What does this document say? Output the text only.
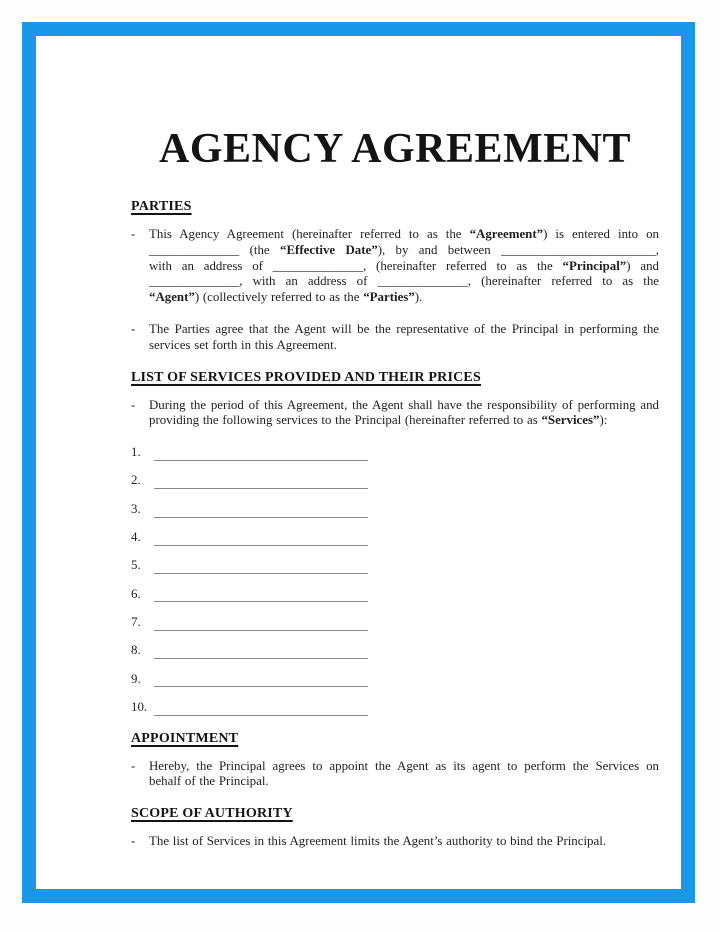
AGENCY AGREEMENT
PARTIES
This Agency Agreement (hereinafter referred to as the “Agreement”) is entered into on
______________ (the “Effective Date”), by and between ________________________,
with an address of ______________, (hereinafter referred to as the “Principal”) and
______________, with an address of ______________, (hereinafter referred to as the
“Agent”) (collectively referred to as the “Parties”).
-
The Parties agree that the Agent will be the representative of the Principal in performing the
services set forth in this Agreement.
-
LIST OF SERVICES PROVIDED AND THEIR PRICES
During the period of this Agreement, the Agent shall have the responsibility of performing and
providing the following services to the Principal (hereinafter referred to as “Services”):
-
1.
2.
3.
4.
5.
6.
7.
8.
9.
10.
APPOINTMENT
Hereby, the Principal agrees to appoint the Agent as its agent to perform the Services on
behalf of the Principal.
-
SCOPE OF AUTHORITY
The list of Services in this Agreement limits the Agent’s authority to bind the Principal.
-
